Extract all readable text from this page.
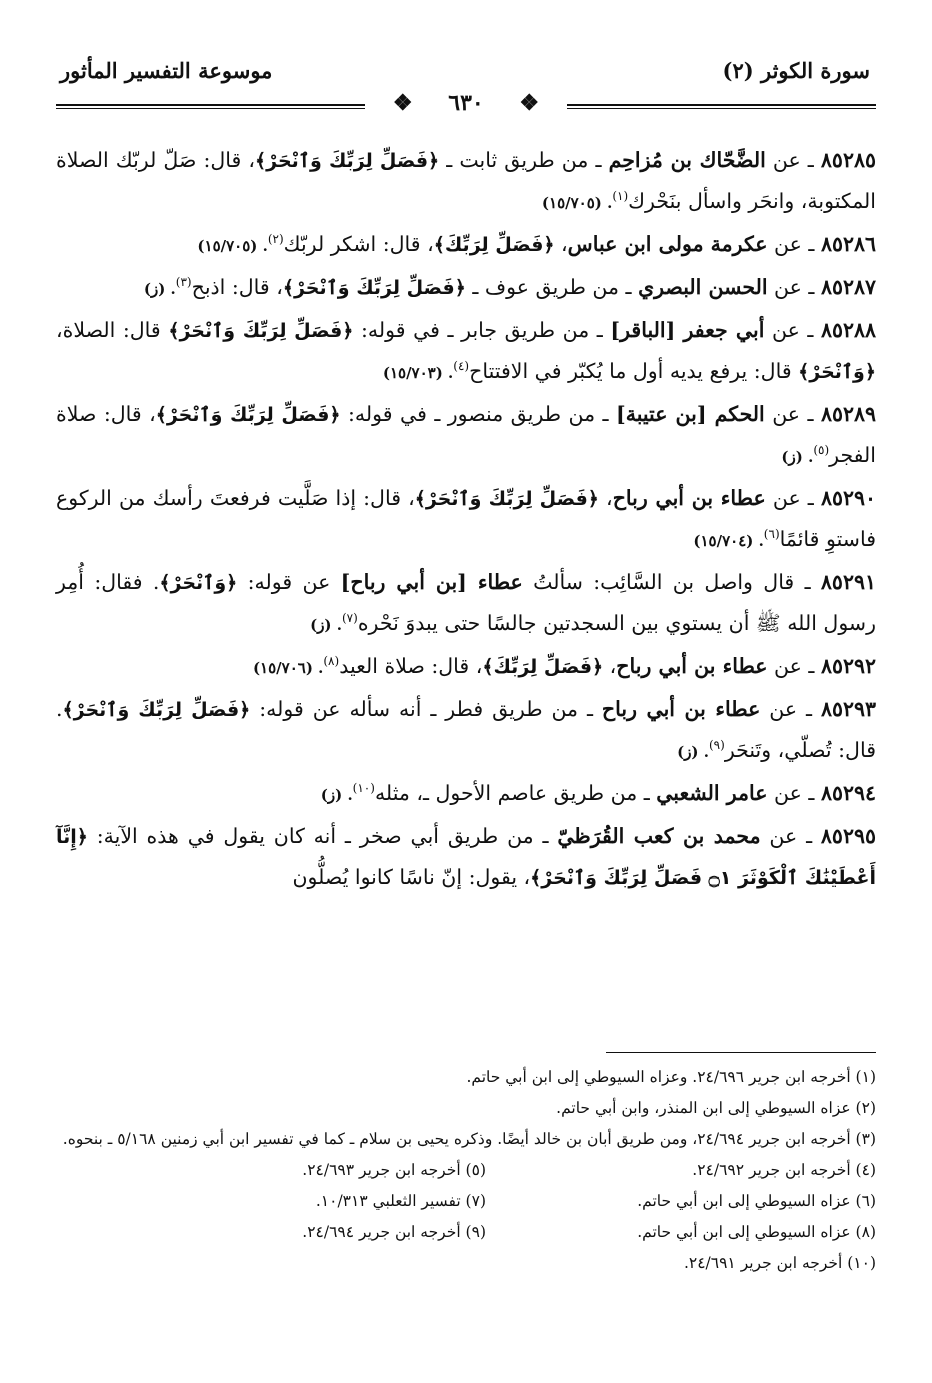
موسوعة التفسير المأثور	سورة الكوثر (٢)
❖ ٦٣٠ ❖

٨٥٢٨٥ ـ عن الضَّحّاك بن مُزاحِم ـ من طريق ثابت ـ ﴿فَصَلِّ لِرَبِّكَ وَٱنْحَرْ﴾، قال: صَلّ لربّك الصلاة المكتوبة، وانحَر واسأل بنَحْرك$^{(١)}$. (١٥/٧٠٥)

٨٥٢٨٦ ـ عن عكرمة مولى ابن عباس، ﴿فَصَلِّ لِرَبِّكَ﴾، قال: اشكر لربّك$^{(٢)}$. (١٥/٧٠٥)

٨٥٢٨٧ ـ عن الحسن البصري ـ من طريق عوف ـ ﴿فَصَلِّ لِرَبِّكَ وَٱنْحَرْ﴾، قال: اذبح$^{(٣)}$. (ز)

٨٥٢٨٨ ـ عن أبي جعفر [الباقر] ـ من طريق جابر ـ في قوله: ﴿فَصَلِّ لِرَبِّكَ وَٱنْحَرْ﴾ قال: الصلاة، ﴿وَٱنْحَرْ﴾ قال: يرفع يديه أول ما يُكبّر في الافتتاح$^{(٤)}$. (١٥/٧٠٣)

٨٥٢٨٩ ـ عن الحكم [بن عتيبة] ـ من طريق منصور ـ في قوله: ﴿فَصَلِّ لِرَبِّكَ وَٱنْحَرْ﴾، قال: صلاة الفجر$^{(٥)}$. (ز)

٨٥٢٩٠ ـ عن عطاء بن أبي رباح، ﴿فَصَلِّ لِرَبِّكَ وَٱنْحَرْ﴾، قال: إذا صَلَّيت فرفعتَ رأسك من الركوع فاستوِ قائمًا$^{(٦)}$. (١٥/٧٠٤)

٨٥٢٩١ ـ قال واصل بن السَّائِب: سألتُ عطاء [بن أبي رباح] عن قوله: ﴿وَٱنْحَرْ﴾. فقال: أُمِر رسول الله ﷺ أن يستوي بين السجدتين جالسًا حتى يبدوَ نَحْره$^{(٧)}$. (ز)

٨٥٢٩٢ ـ عن عطاء بن أبي رباح، ﴿فَصَلِّ لِرَبِّكَ﴾، قال: صلاة العيد$^{(٨)}$. (١٥/٧٠٦)

٨٥٢٩٣ ـ عن عطاء بن أبي رباح ـ من طريق فطر ـ أنه سأله عن قوله: ﴿فَصَلِّ لِرَبِّكَ وَٱنْحَرْ﴾. قال: تُصلّي، وتَنحَر$^{(٩)}$. (ز)

٨٥٢٩٤ ـ عن عامر الشعبي ـ من طريق عاصم الأحول ـ، مثله$^{(١٠)}$. (ز)

٨٥٢٩٥ ـ عن محمد بن كعب القُرَظيّ ـ من طريق أبي صخر ـ أنه كان يقول في هذه الآية: ﴿إِنَّآ أَعْطَيْنَٰكَ ٱلْكَوْثَرَ ۝١ فَصَلِّ لِرَبِّكَ وَٱنْحَرْ﴾، يقول: إنّ ناسًا كانوا يُصلُّون

(١) أخرجه ابن جرير ٢٤/٦٩٦. وعزاه السيوطي إلى ابن أبي حاتم.
(٢) عزاه السيوطي إلى ابن المنذر، وابن أبي حاتم.
(٣) أخرجه ابن جرير ٢٤/٦٩٤، ومن طريق أبان بن خالد أيضًا. وذكره يحيى بن سلام ـ كما في تفسير ابن أبي زمنين ٥/١٦٨ ـ بنحوه.
(٤) أخرجه ابن جرير ٢٤/٦٩٢.
(٥) أخرجه ابن جرير ٢٤/٦٩٣.
(٦) عزاه السيوطي إلى ابن أبي حاتم.
(٧) تفسير الثعلبي ١٠/٣١٣.
(٨) عزاه السيوطي إلى ابن أبي حاتم.
(٩) أخرجه ابن جرير ٢٤/٦٩٤.
(١٠) أخرجه ابن جرير ٢٤/٦٩١.
